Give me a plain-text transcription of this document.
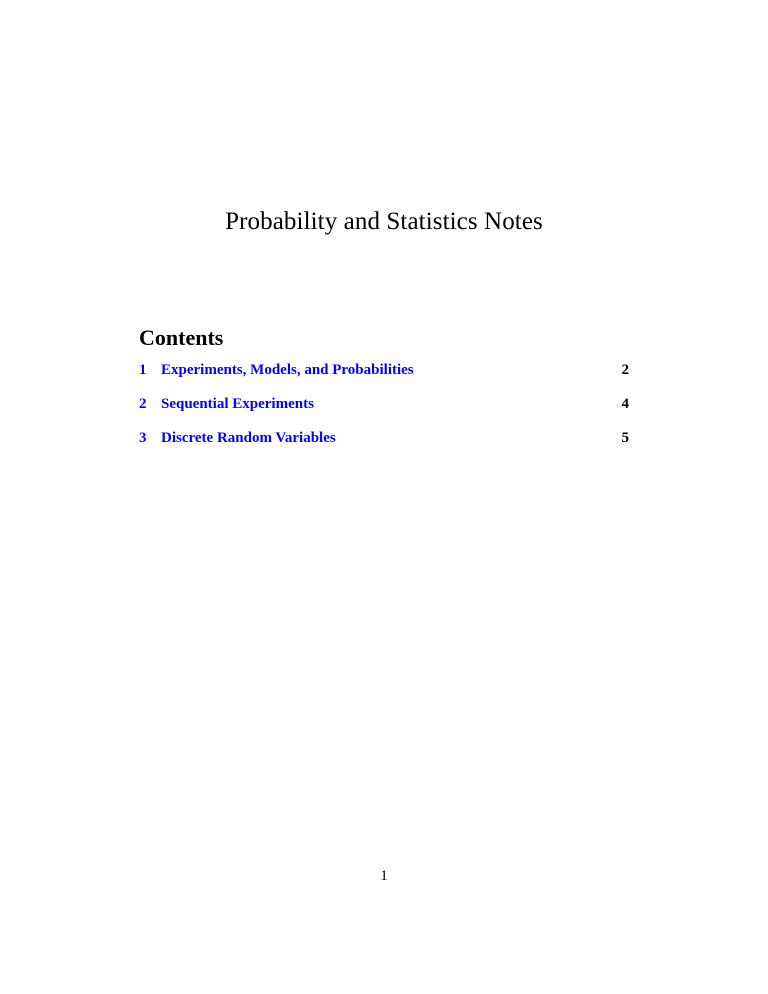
Probability and Statistics Notes
Contents
1 Experiments, Models, and Probabilities	2
2 Sequential Experiments	4
3 Discrete Random Variables	5
1
